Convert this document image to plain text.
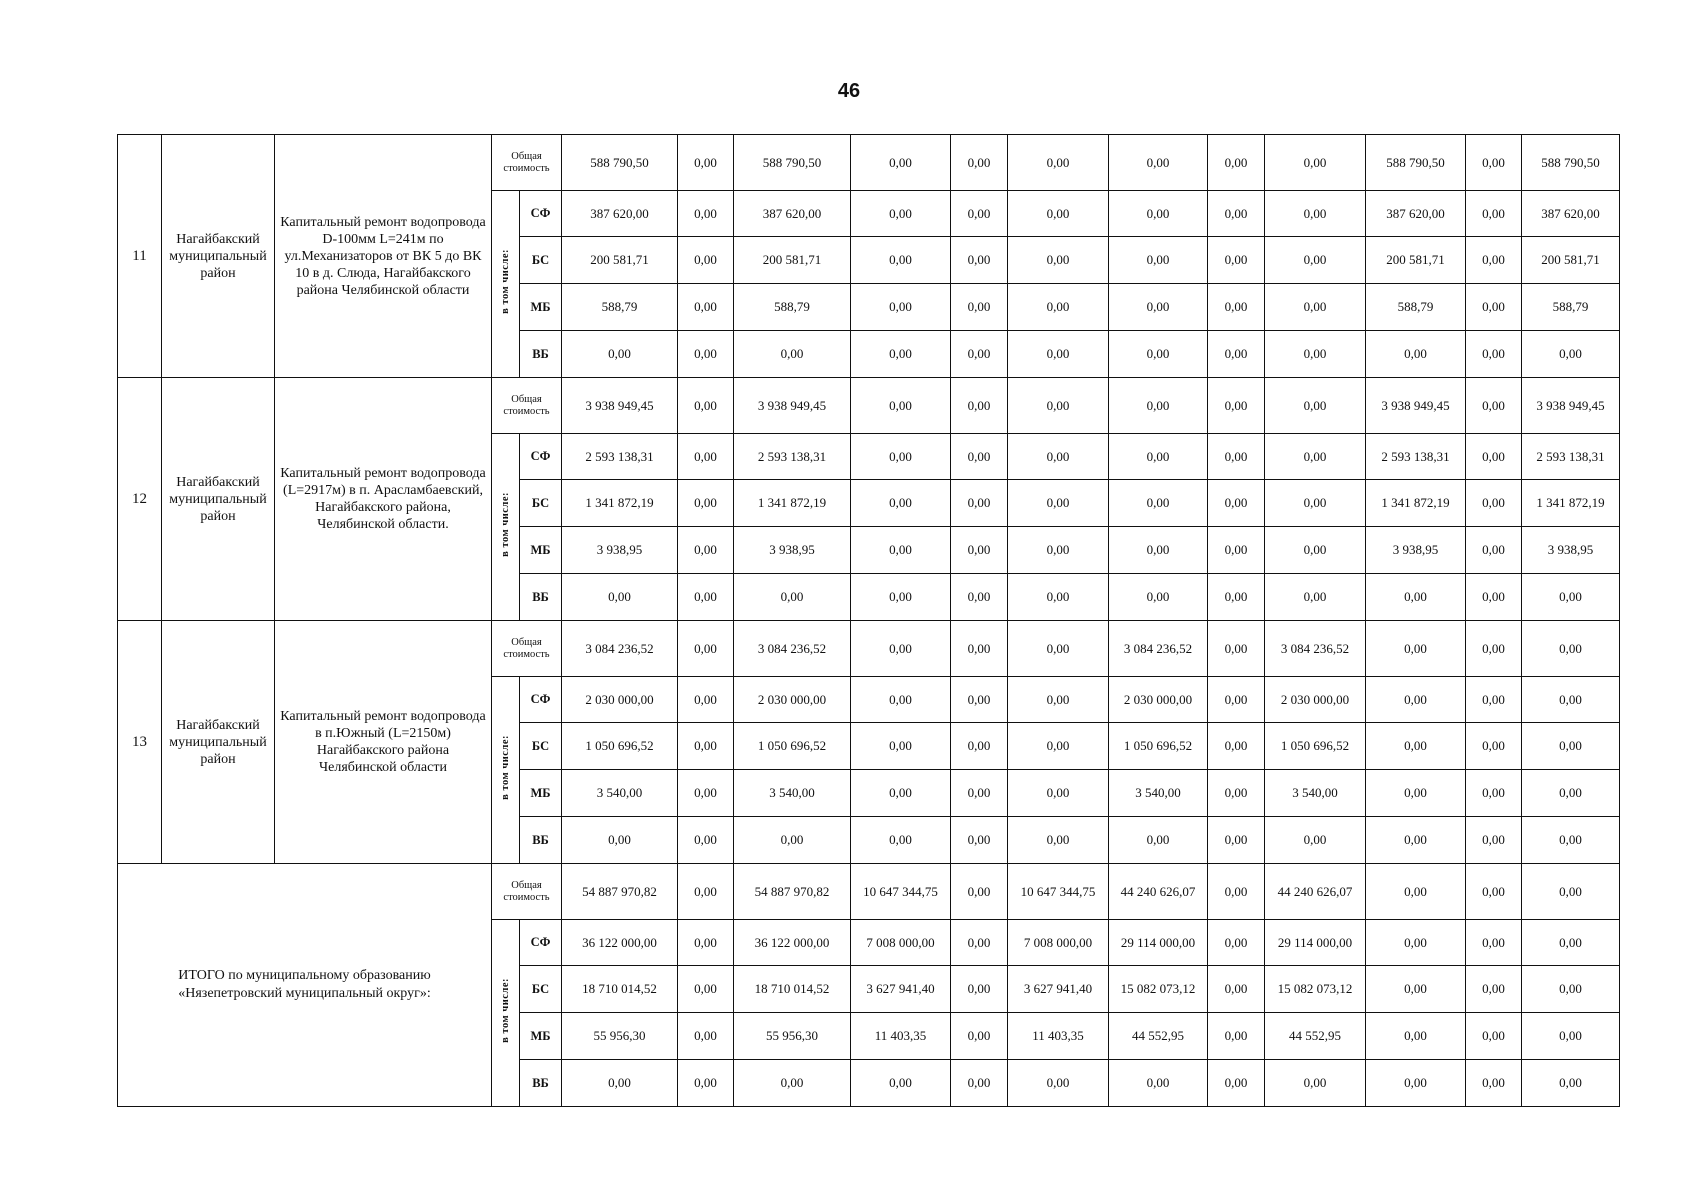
46
11	Нагайбакский муниципальный район	Капитальный ремонт водопровода D-100мм L=241м по ул.Механизаторов от ВК 5 до ВК 10 в д. Слюда, Нагайбакского района Челябинской области	Общая стоимость		588 790,50	0,00	588 790,50	0,00	0,00	0,00	0,00	0,00	0,00	588 790,50	0,00	588 790,50
			в том числе:	СФ	387 620,00	0,00	387 620,00	0,00	0,00	0,00	0,00	0,00	0,00	387 620,00	0,00	387 620,00
				БС	200 581,71	0,00	200 581,71	0,00	0,00	0,00	0,00	0,00	0,00	200 581,71	0,00	200 581,71
				МБ	588,79	0,00	588,79	0,00	0,00	0,00	0,00	0,00	0,00	588,79	0,00	588,79
				ВБ	0,00	0,00	0,00	0,00	0,00	0,00	0,00	0,00	0,00	0,00	0,00	0,00
12	Нагайбакский муниципальный район	Капитальный ремонт водопровода (L=2917м) в п. Арасламбаевский, Нагайбакского района, Челябинской области.	Общая стоимость		3 938 949,45	0,00	3 938 949,45	0,00	0,00	0,00	0,00	0,00	0,00	3 938 949,45	0,00	3 938 949,45
			в том числе:	СФ	2 593 138,31	0,00	2 593 138,31	0,00	0,00	0,00	0,00	0,00	0,00	2 593 138,31	0,00	2 593 138,31
				БС	1 341 872,19	0,00	1 341 872,19	0,00	0,00	0,00	0,00	0,00	0,00	1 341 872,19	0,00	1 341 872,19
				МБ	3 938,95	0,00	3 938,95	0,00	0,00	0,00	0,00	0,00	0,00	3 938,95	0,00	3 938,95
				ВБ	0,00	0,00	0,00	0,00	0,00	0,00	0,00	0,00	0,00	0,00	0,00	0,00
13	Нагайбакский муниципальный район	Капитальный ремонт водопровода в п.Южный (L=2150м) Нагайбакского района Челябинской области	Общая стоимость		3 084 236,52	0,00	3 084 236,52	0,00	0,00	0,00	3 084 236,52	0,00	3 084 236,52	0,00	0,00	0,00
			в том числе:	СФ	2 030 000,00	0,00	2 030 000,00	0,00	0,00	0,00	2 030 000,00	0,00	2 030 000,00	0,00	0,00	0,00
				БС	1 050 696,52	0,00	1 050 696,52	0,00	0,00	0,00	1 050 696,52	0,00	1 050 696,52	0,00	0,00	0,00
				МБ	3 540,00	0,00	3 540,00	0,00	0,00	0,00	3 540,00	0,00	3 540,00	0,00	0,00	0,00
				ВБ	0,00	0,00	0,00	0,00	0,00	0,00	0,00	0,00	0,00	0,00	0,00	0,00
ИТОГО по муниципальному образованию
«Нязепетровский муниципальный округ»:			Общая стоимость		54 887 970,82	0,00	54 887 970,82	10 647 344,75	0,00	10 647 344,75	44 240 626,07	0,00	44 240 626,07	0,00	0,00	0,00
			в том числе:	СФ	36 122 000,00	0,00	36 122 000,00	7 008 000,00	0,00	7 008 000,00	29 114 000,00	0,00	29 114 000,00	0,00	0,00	0,00
				БС	18 710 014,52	0,00	18 710 014,52	3 627 941,40	0,00	3 627 941,40	15 082 073,12	0,00	15 082 073,12	0,00	0,00	0,00
				МБ	55 956,30	0,00	55 956,30	11 403,35	0,00	11 403,35	44 552,95	0,00	44 552,95	0,00	0,00	0,00
				ВБ	0,00	0,00	0,00	0,00	0,00	0,00	0,00	0,00	0,00	0,00	0,00	0,00
